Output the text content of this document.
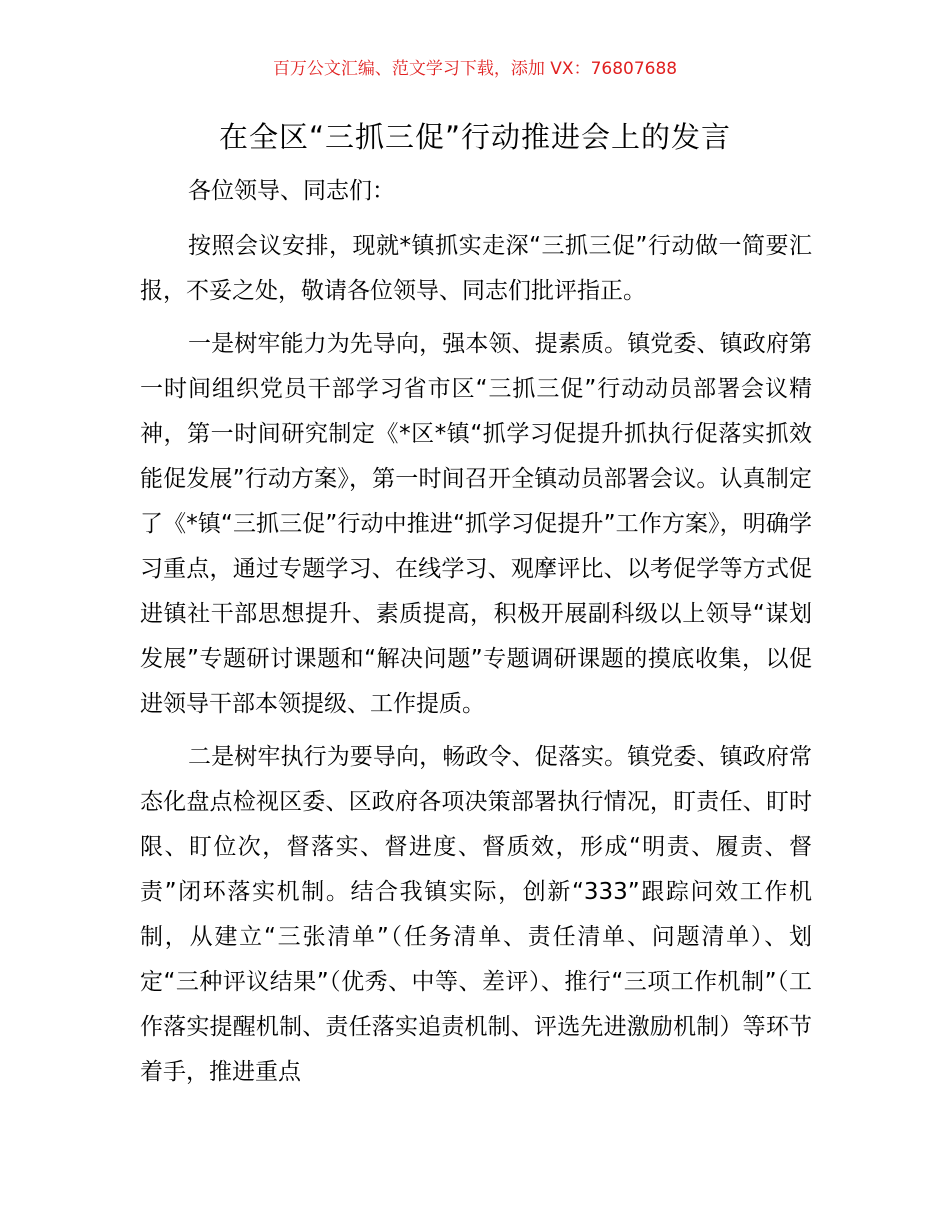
百万公文汇编、范文学习下载，添加 VX：76807688
在全区“三抓三促”行动推进会上的发言
各位领导、同志们：

按照会议安排，现就*镇抓实走深“三抓三促”行动做一简要汇报，不妥之处，敬请各位领导、同志们批评指正。

一是树牢能力为先导向，强本领、提素质。镇党委、镇政府第一时间组织党员干部学习省市区“三抓三促”行动动员部署会议精神，第一时间研究制定《*区*镇“抓学习促提升抓执行促落实抓效能促发展”行动方案》，第一时间召开全镇动员部署会议。认真制定了《*镇“三抓三促”行动中推进“抓学习促提升”工作方案》，明确学习重点，通过专题学习、在线学习、观摩评比、以考促学等方式促进镇社干部思想提升、素质提高，积极开展副科级以上领导“谋划发展”专题研讨课题和“解决问题”专题调研课题的摸底收集，以促进领导干部本领提级、工作提质。

二是树牢执行为要导向，畅政令、促落实。镇党委、镇政府常态化盘点检视区委、区政府各项决策部署执行情况，盯责任、盯时限、盯位次，督落实、督进度、督质效，形成“明责、履责、督责”闭环落实机制。结合我镇实际，创新“333”跟踪问效工作机制，从建立“三张清单”（任务清单、责任清单、问题清单）、划定“三种评议结果”（优秀、中等、差评）、推行“三项工作机制”（工作落实提醒机制、责任落实追责机制、评选先进激励机制）等环节着手，推进重点
